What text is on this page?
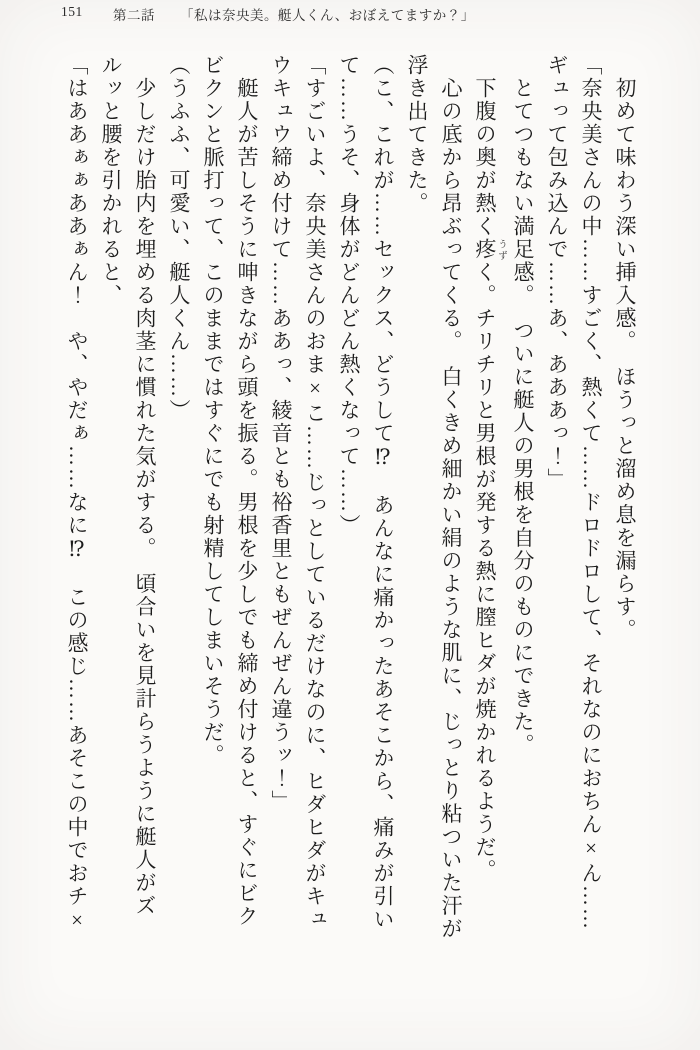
151 第二話 「私は奈央美。艇人くん、おぼえてますか？」

初めて味わう深い挿入感。　ほうっと溜め息を漏らす。

「奈央美さんの中……すごく、熱くて……ドロドロして、それなのにおちん×ん……

ギュって包み込んで……あ、あああっ！」

とてつもない満足感。　ついに艇人の男根を自分のものにできた。

下腹の奥が熱く疼 うずく。チリチリと男根が発する熱に膣ヒダが焼かれるようだ。

心の底から昂ぶってくる。　白くきめ細かい絹のような肌に、じっとり粘ついた汗が

浮き出てきた。

（こ、これが……セックス、どうして⁉　あんなに痛かったあそこから、痛みが引い

て……うそ、身体がどんどん熱くなって……）

「すごいよ、奈央美さんのおま×こ……じっとしているだけなのに、ヒダヒダがキュ

ウキュウ締め付けて……ああっ、綾音とも裕香里ともぜんぜん違うッ！」

艇人が苦しそうに呻きながら頭を振る。男根を少しでも締め付けると、すぐにビク

ビクンと脈打って、このままではすぐにでも射精してしまいそうだ。

（うふふ、可愛い、艇人くん……）

少しだけ胎内を埋める肉茎に慣れた気がする。　頃合いを見計らうように艇人がズ

ルッと腰を引かれると、

「はああぁぁああぁん！　や、やだぁ……なに⁉　この感じ……あそこの中でおチ×
